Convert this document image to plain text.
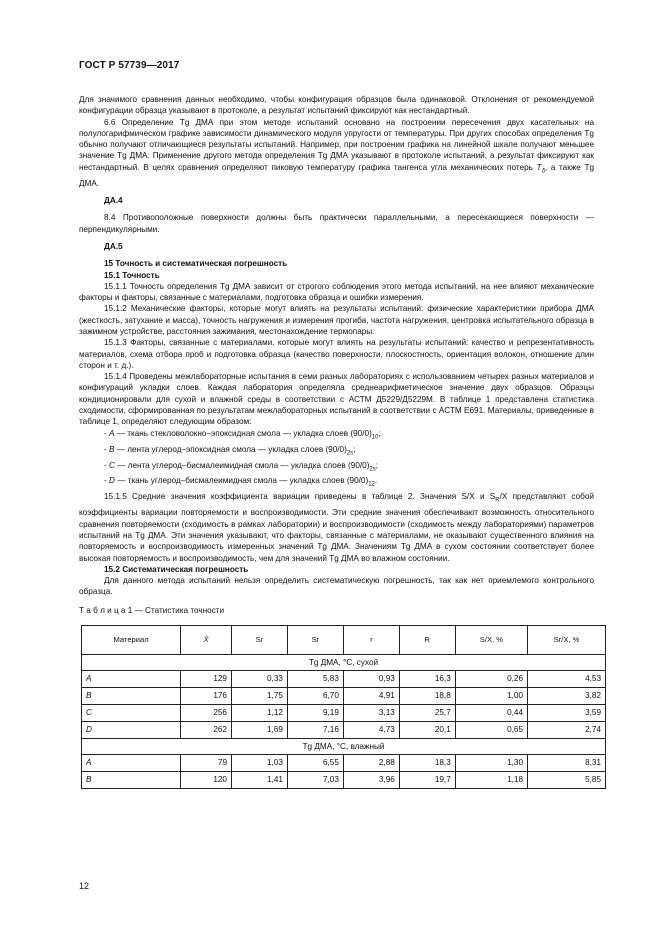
ГОСТ Р 57739—2017

Для значимого сравнения данных необходимо, чтобы конфигурация образцов была одинаковой. Отклонения от рекомендуемой конфигурации образца указывают в протоколе, а результат испытаний фиксируют как нестандартный.

6.6 Определение Tg ДМА при этом методе испытаний основано на построении пересечения двух касательных на полулогарифмическом графике зависимости динамического модуля упругости от температуры. При других способах определения Tg обычно получают отличающиеся результаты испытаний. Например, при построении графика на линейной шкале получают меньшее значение Tg ДМА. Применение другого метода определения Tg ДМА указывают в протоколе испытаний, а результат фиксируют как нестандартный. В целях сравнения определяют пиковую температуру графика тангенса угла механических потерь $T_\delta$, а также Tg ДМА.

ДА.4

8.4 Противоположные поверхности должны быть практически параллельными, а пересекающиеся поверхности — перпендикулярными.

ДА.5

15 Точность и систематическая погрешность

15.1 Точность

15.1.1 Точность определения Tg ДМА зависит от строгого соблюдения этого метода испытаний, на нее влияют механические факторы и факторы, связанные с материалами, подготовка образца и ошибки измерения.

15.1.2 Механические факторы, которые могут влиять на результаты испытаний: физические характеристики прибора ДМА (жесткость, затухание и масса), точность нагружения и измерения прогиба, частота нагружения, центровка испытательного образца в зажимном устройстве, расстояния зажимания, местонахождение термопары.

15.1.3 Факторы, связанные с материалами, которые могут влиять на результаты испытаний: качество и репрезентативность материалов, схема отбора проб и подготовка образца (качество поверхности, плоскостность, ориентация волокон, отношение длин сторон и т. д.).

15.1.4 Проведены межлабораторные испытания в семи разных лабораториях с использованием четырех разных материалов и конфигураций укладки слоев. Каждая лаборатория определяла среднеарифметическое значение двух образцов. Образцы кондиционировали для сухой и влажной среды в соответствии с АСТМ Д5229/Д5229М. В таблице 1 представлена статистика сходимости, сформированная по результатам межлабораторных испытаний в соответствии с АСТМ Е691. Материалы, приведенные в таблице 1, определяют следующим образом:

- A — ткань стекловолокно–эпоксидная смола — укладка слоев $(90/0)_{10}$;

- B — лента углерод–эпоксидная смола — укладка слоев $(90/0)_{2s}$;

- C — лента углерод–бисмалеимидная смола — укладка слоев $(90/0)_{2s}$;

- D — ткань углерод–бисмалеимидная смола — укладка слоев $(90/0)_{12}$.

15.1.5 Средние значения коэффициента вариации приведены в таблице 2. Значения S/X и $S_R/X$ представляют собой коэффициенты вариации повторяемости и воспроизводимости. Эти средние значения обеспечивают возможность относительного сравнения повторяемости (сходимость в рамках лаборатории) и воспроизводимости (сходимость между лабораториями) параметров испытаний на Tg ДМА. Эти значения указывают, что факторы, связанные с материалами, не оказывают существенного влияния на повторяемость и воспроизводимость измеренных значений Tg ДМА. Значениям Tg ДМА в сухом состоянии соответствует более высокая повторяемость и воспроизводимость, чем для значений Tg ДМА во влажном состоянии.

15.2 Систематическая погрешность

Для данного метода испытаний нельзя определить систематическую погрешность, так как нет приемлемого контрольного образца.

Т а б л и ц а 1 — Статистика точности

Материал	X̄	Sr	Sr	r	R	S/X, %	Sr/X, %
Tg ДМА, °С, сухой							
A	129	0,33	5,83	0,93	16,3	0,26	4,53
B	176	1,75	6,70	4,91	18,8	1,00	3,82
C	256	1,12	9,19	3,13	25,7	0,44	3,59
D	262	1,69	7,16	4,73	20,1	0,65	2,74
Tg ДМА, °С, влажный							
A	79	1,03	6,55	2,88	18,3	1,30	8,31
B	120	1,41	7,03	3,96	19,7	1,18	5,85
12
